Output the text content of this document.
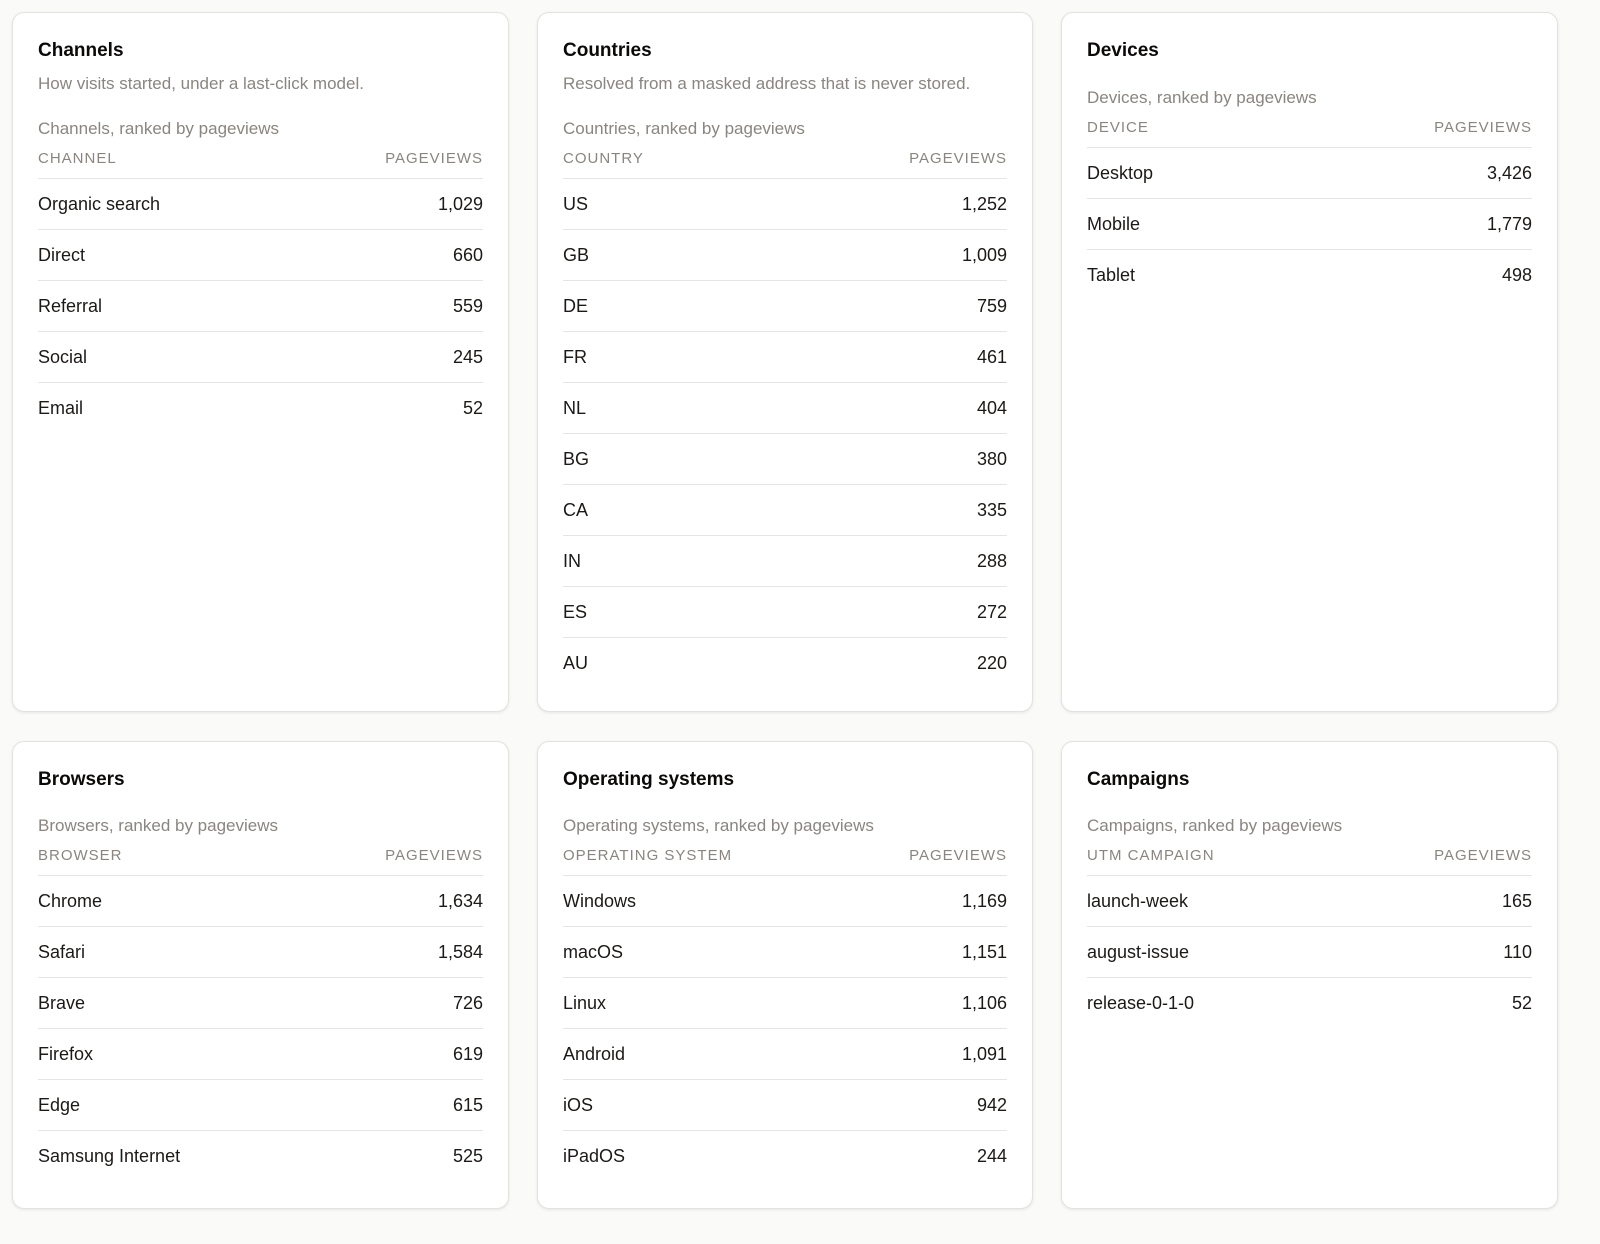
Channels

How visits started, under a last-click model.

Channels, ranked by pageviews
CHANNEL	PAGEVIEWS
Organic search	1,029
Direct	660
Referral	559
Social	245
Email	52
Countries

Resolved from a masked address that is never stored.

Countries, ranked by pageviews
COUNTRY	PAGEVIEWS
US	1,252
GB	1,009
DE	759
FR	461
NL	404
BG	380
CA	335
IN	288
ES	272
AU	220
Devices
Devices, ranked by pageviews
DEVICE	PAGEVIEWS
Desktop	3,426
Mobile	1,779
Tablet	498
Browsers
Browsers, ranked by pageviews
BROWSER	PAGEVIEWS
Chrome	1,634
Safari	1,584
Brave	726
Firefox	619
Edge	615
Samsung Internet	525
Operating systems
Operating systems, ranked by pageviews
OPERATING SYSTEM	PAGEVIEWS
Windows	1,169
macOS	1,151
Linux	1,106
Android	1,091
iOS	942
iPadOS	244
Campaigns
Campaigns, ranked by pageviews
UTM CAMPAIGN	PAGEVIEWS
launch-week	165
august-issue	110
release-0-1-0	52
